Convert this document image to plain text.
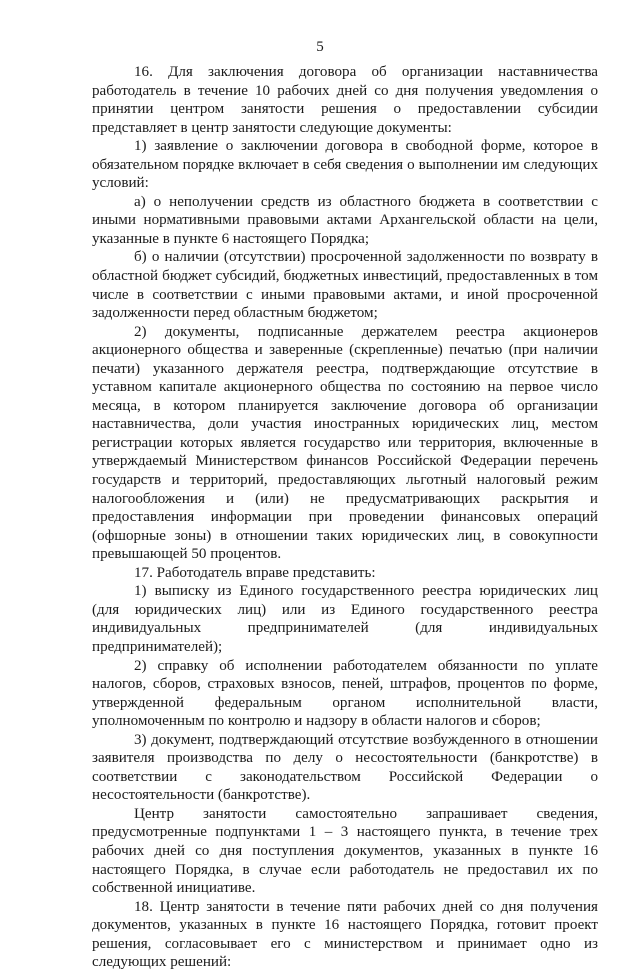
5

16. Для заключения договора об организации наставничества работодатель в течение 10 рабочих дней со дня получения уведомления о принятии центром занятости решения о предоставлении субсидии представляет в центр занятости следующие документы:

1) заявление о заключении договора в свободной форме, которое в обязательном порядке включает в себя сведения о выполнении им следующих условий:

а) о неполучении средств из областного бюджета в соответствии с иными нормативными правовыми актами Архангельской области на цели, указанные в пункте 6 настоящего Порядка;

б) о наличии (отсутствии) просроченной задолженности по возврату в областной бюджет субсидий, бюджетных инвестиций, предоставленных в том числе в соответствии с иными правовыми актами, и иной просроченной задолженности перед областным бюджетом;

2) документы, подписанные держателем реестра акционеров акционерного общества и заверенные (скрепленные) печатью (при наличии печати) указанного держателя реестра, подтверждающие отсутствие в уставном капитале акционерного общества по состоянию на первое число месяца, в котором планируется заключение договора об организации наставничества, доли участия иностранных юридических лиц, местом регистрации которых является государство или территория, включенные в утверждаемый Министерством финансов Российской Федерации перечень государств и территорий, предоставляющих льготный налоговый режим налогообложения и (или) не предусматривающих раскрытия и предоставления информации при проведении финансовых операций (офшорные зоны) в отношении таких юридических лиц, в совокупности превышающей 50 процентов.

17. Работодатель вправе представить:

1) выписку из Единого государственного реестра юридических лиц (для юридических лиц) или из Единого государственного реестра индивидуальных предпринимателей (для индивидуальных предпринимателей);

2) справку об исполнении работодателем обязанности по уплате налогов, сборов, страховых взносов, пеней, штрафов, процентов по форме, утвержденной федеральным органом исполнительной власти, уполномоченным по контролю и надзору в области налогов и сборов;

3) документ, подтверждающий отсутствие возбужденного в отношении заявителя производства по делу о несостоятельности (банкротстве) в соответствии с законодательством Российской Федерации о несостоятельности (банкротстве).

Центр занятости самостоятельно запрашивает сведения, предусмотренные подпунктами 1 – 3 настоящего пункта, в течение трех рабочих дней со дня поступления документов, указанных в пункте 16 настоящего Порядка, в случае если работодатель не предоставил их по собственной инициативе.

18. Центр занятости в течение пяти рабочих дней со дня получения документов, указанных в пункте 16 настоящего Порядка, готовит проект решения, согласовывает его с министерством и принимает одно из следующих решений:
